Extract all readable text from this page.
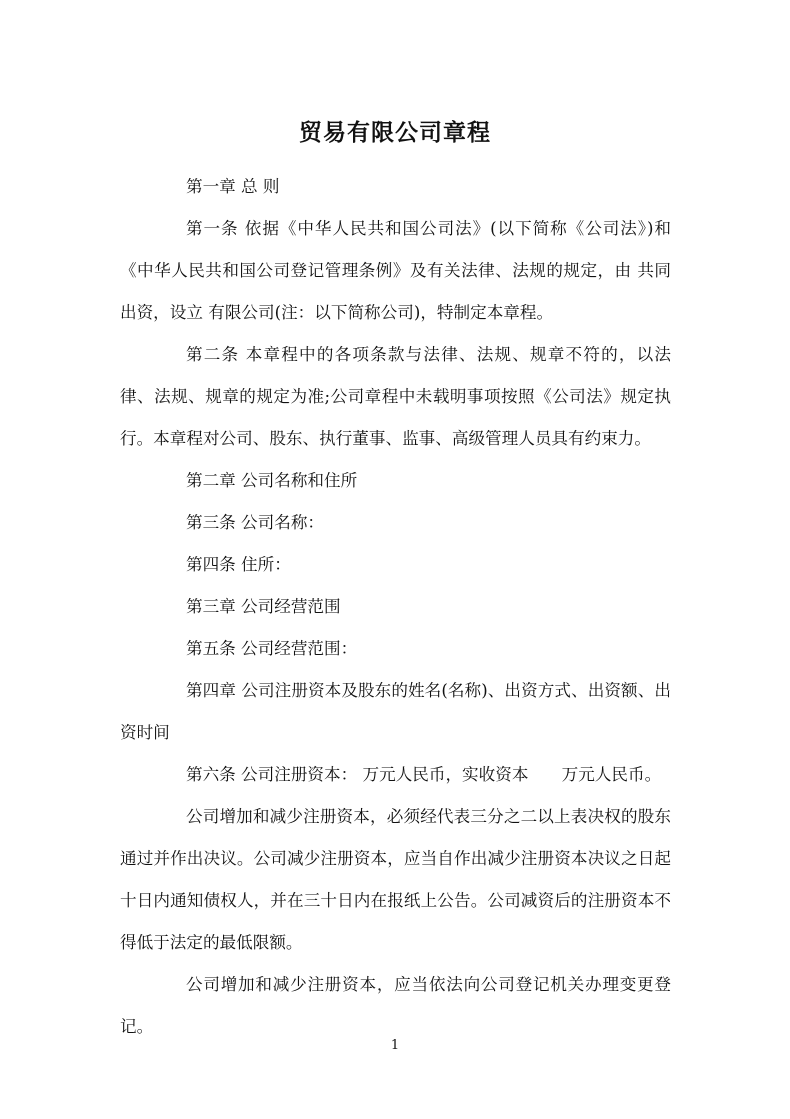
贸易有限公司章程

第一章 总 则

第一条 依据《中华人民共和国公司法》(以下简称《公司法》)和《中华人民共和国公司登记管理条例》及有关法律、法规的规定，由 共同出资，设立 有限公司(注：以下简称公司)，特制定本章程。

第二条 本章程中的各项条款与法律、法规、规章不符的，以法律、法规、规章的规定为准;公司章程中未载明事项按照《公司法》规定执行。本章程对公司、股东、执行董事、监事、高级管理人员具有约束力。

第二章 公司名称和住所

第三条 公司名称：

第四条 住所：

第三章 公司经营范围

第五条 公司经营范围：

第四章 公司注册资本及股东的姓名(名称)、出资方式、出资额、出资时间

第六条 公司注册资本： 万元人民币，实收资本　　万元人民币。

公司增加和减少注册资本，必须经代表三分之二以上表决权的股东通过并作出决议。公司减少注册资本，应当自作出减少注册资本决议之日起十日内通知债权人，并在三十日内在报纸上公告。公司减资后的注册资本不得低于法定的最低限额。

公司增加和减少注册资本，应当依法向公司登记机关办理变更登记。

1
